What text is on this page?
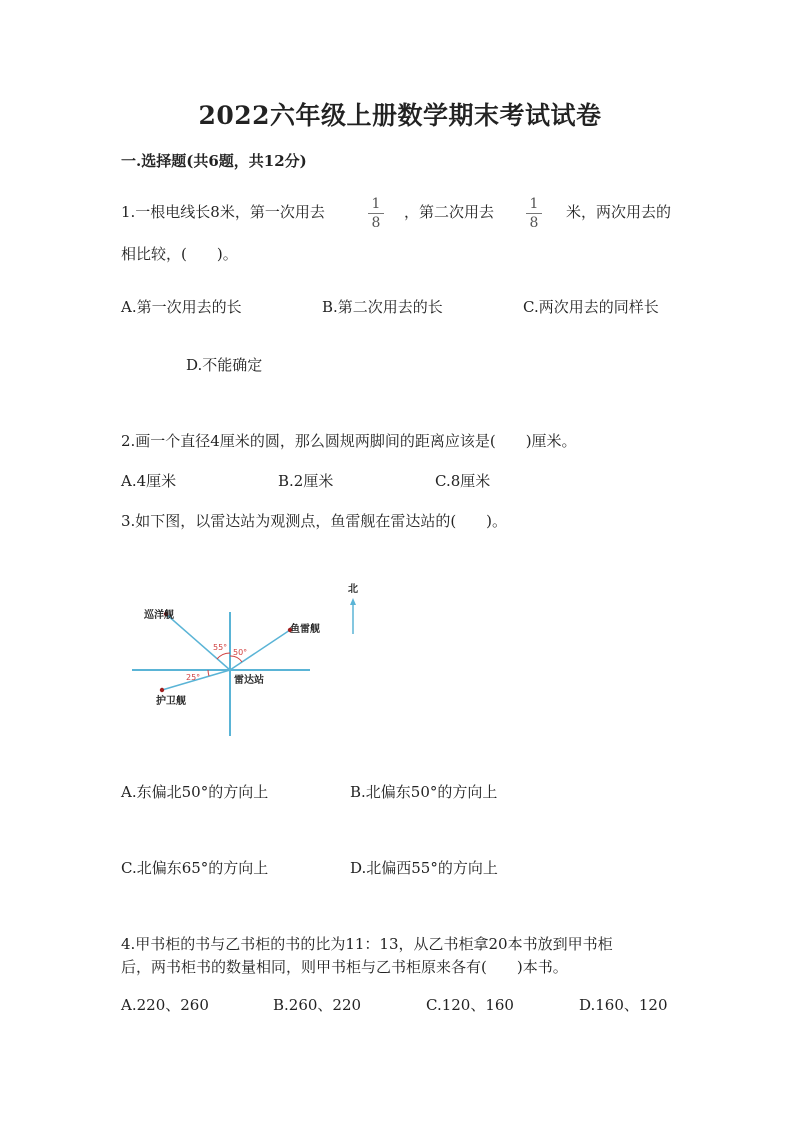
2022六年级上册数学期末考试试卷
一.选择题(共6题，共12分)
1.一根电线长8米，第一次用去	1
8
，第二次用去	1
8
米，两次用去的
相比较，(　　)。
A.第一次用去的长	B.第二次用去的长	C.两次用去的同样长
D.不能确定
2.画一个直径4厘米的圆，那么圆规两脚间的距离应该是(　　)厘米。
A.4厘米	B.2厘米	C.8厘米
3.如下图，以雷达站为观测点，鱼雷舰在雷达站的(　　)。
55°
50°
25°
巡洋舰
鱼雷舰
护卫舰
雷达站
北
A.东偏北50°的方向上	B.北偏东50°的方向上
C.北偏东65°的方向上	D.北偏西55°的方向上
4.甲书柜的书与乙书柜的书的比为11：13，从乙书柜拿20本书放到甲书柜
后，两书柜书的数量相同，则甲书柜与乙书柜原来各有(　　)本书。
A.220、260	B.260、220	C.120、160	D.160、120
